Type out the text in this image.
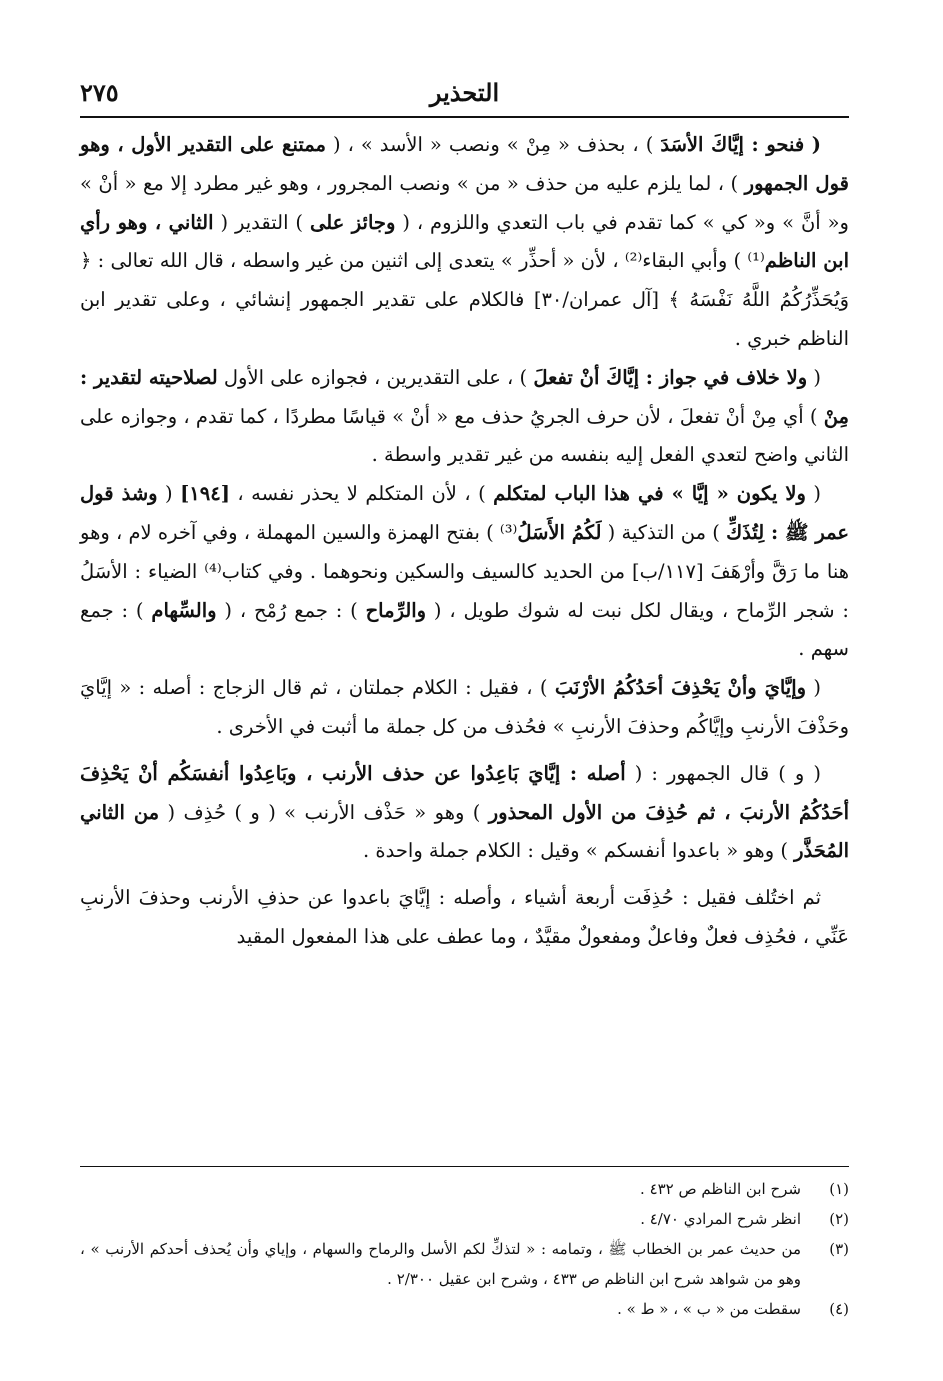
٢٧٥	التحذير

( فنحو : إيَّاكَ الأسَدَ ) ، بحذف « مِنْ » ونصب « الأسد » ، ( ممتنع على التقدير الأول ، وهو قول الجمهور ) ، لما يلزم عليه من حذف « من » ونصب المجرور ، وهو غير مطرد إلا مع « أنْ » و« أنَّ » و« كي » كما تقدم في باب التعدي واللزوم ، ( وجائز على ) التقدير ( الثاني ، وهو رأي ابن الناظم⁽¹⁾ ) وأبي البقاء⁽²⁾ ، لأن « أحذِّر » يتعدى إلى اثنين من غير واسطه ، قال الله تعالى : ﴿ وَيُحَذِّرُكُمُ اللَّهُ نَفْسَهُ ﴾ [آل عمران/٣٠] فالكلام على تقدير الجمهور إنشائي ، وعلى تقدير ابن الناظم خبري .

( ولا خلاف في جواز : إيَّاكَ أنْ تفعلَ ) ، على التقديرين ، فجوازه على الأول لصلاحيته لتقدير : مِنْ ) أي مِنْ أنْ تفعلَ ، لأن حرف الجريُ حذف مع « أنْ » قياسًا مطردًا ، كما تقدم ، وجوازه على الثاني واضح لتعدي الفعل إليه بنفسه من غير تقدير واسطة .

( ولا يكون « إيَّا » في هذا الباب لمتكلم ) ، لأن المتكلم لا يحذر نفسه ، [١٩٤] ( وشذ قول عمر ﷺ : لِتُذَكِّ ) من التذكية ( لَكُمُ الأَسَلُ⁽³⁾ ) بفتح الهمزة والسين المهملة ، وفي آخره لام ، وهو هنا ما رَقَّ وأرْهَفَ [١١٧/ب] من الحديد كالسيف والسكين ونحوهما . وفي كتاب⁽⁴⁾ الضياء : الأسَلُ : شجر الرِّماح ، ويقال لكل نبت له شوك طويل ، ( والرِّماح ) : جمع رُمْح ، ( والسِّهام ) : جمع سهم .

( وإيَّايَ وأنْ يَحْذِفَ أحَدُكُمُ الأرْنَبَ ) ، فقيل : الكلام جملتان ، ثم قال الزجاج : أصله : « إيَّايَ وحَذْفَ الأرنبِ وإيَّاكُم وحذفَ الأرنبِ » فحُذف من كل جملة ما أثبت في الأخرى .

( و ) قال الجمهور : ( أصله : إيَّايَ بَاعِدُوا عن حذف الأرنب ، وبَاعِدُوا أنفسَكُم أنْ يَحْذِفَ أحَدُكُمُ الأرنبَ ، ثم حُذِفَ من الأول المحذور ) وهو « حَذْف الأرنب » ( و ) حُذِف ( من الثاني المُحَذَّر ) وهو « باعدوا أنفسكم » وقيل : الكلام جملة واحدة .

ثم اختُلف فقيل : حُذِفَت أربعة أشياء ، وأصله : إيَّايَ باعدوا عن حذفِ الأرنب وحذفَ الأرنبِ عَنِّي ، فحُذِف فعلٌ وفاعلٌ ومفعولٌ مقيَّدٌ ، وما عطف على هذا المفعول المقيد

(١)
شرح ابن الناظم ص ٤٣٢ .
(٢)
انظر شرح المرادي ٤/٧٠ .
(٣)
من حديث عمر بن الخطاب ﷺ ، وتمامه : « لتذكِّ لكم الأسل والرماح والسهام ، وإياي وأن يُحذف أحدكم الأرنب » ، وهو من شواهد شرح ابن الناظم ص ٤٣٣ ، وشرح ابن عقيل ٢/٣٠٠ .
(٤)
سقطت من « ب » ، « ط » .
